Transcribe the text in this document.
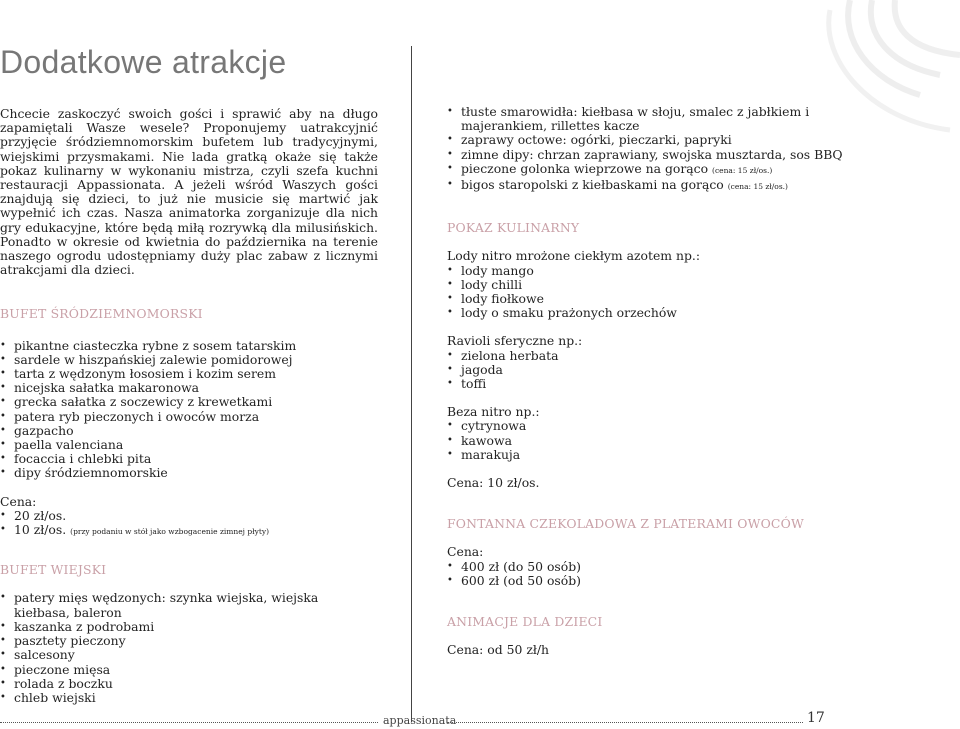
Dodatkowe atrakcje

Chcecie zaskoczyć swoich gości i sprawić aby na długo zapamiętali Wasze wesele? Proponujemy uatrakcyjnić przyjęcie śródziemnomorskim bufetem lub tradycyjnymi, wiejskimi przysmakami. Nie lada gratką okaże się także pokaz kulinarny w wykonaniu mistrza, czyli szefa kuchni restauracji Appassionata. A jeżeli wśród Waszych gości znajdują się dzieci, to już nie musicie się martwić jak wypełnić ich czas. Nasza animatorka zorganizuje dla nich gry edukacyjne, które będą miłą rozrywką dla milusińskich. Ponadto w okresie od kwietnia do października na terenie naszego ogrodu udostępniamy duży plac zabaw z licznymi atrakcjami dla dzieci.

BUFET ŚRÓDZIEMNOMORSKI

• pikantne ciasteczka rybne z sosem tatarskim
• sardele w hiszpańskiej zalewie pomidorowej
• tarta z wędzonym łososiem i kozim serem
• nicejska sałatka makaronowa
• grecka sałatka z soczewicy z krewetkami
• patera ryb pieczonych i owoców morza
• gazpacho
• paella valenciana
• focaccia i chlebki pita
• dipy śródziemnomorskie

Cena:

• 20 zł/os.
• 10 zł/os. (przy podaniu w stół jako wzbogacenie zimnej płyty)

BUFET WIEJSKI

• patery mięs wędzonych: szynka wiejska, wiejska kiełbasa, baleron
• kaszanka z podrobami
• pasztety pieczony
• salcesony
• pieczone mięsa
• rolada z boczku
• chleb wiejski
• tłuste smarowidła: kiełbasa w słoju, smalec z jabłkiem i majerankiem, rillettes kacze
• zaprawy octowe: ogórki, pieczarki, papryki
• zimne dipy: chrzan zaprawiany, swojska musztarda, sos BBQ
• pieczone golonka wieprzowe na gorąco (cena: 15 zł/os.)
• bigos staropolski z kiełbaskami na gorąco (cena: 15 zł/os.)

POKAZ KULINARNY

Lody nitro mrożone ciekłym azotem np.:

• lody mango
• lody chilli
• lody fiołkowe
• lody o smaku prażonych orzechów

Ravioli sferyczne np.:

• zielona herbata
• jagoda
• toffi

Beza nitro np.:

• cytrynowa
• kawowa
• marakuja

Cena: 10 zł/os.

FONTANNA CZEKOLADOWA Z PLATERAMI OWOCÓW

Cena:

• 400 zł (do 50 osób)
• 600 zł (od 50 osób)

ANIMACJE DLA DZIECI

Cena: od 50 zł/h

appassionata	17
